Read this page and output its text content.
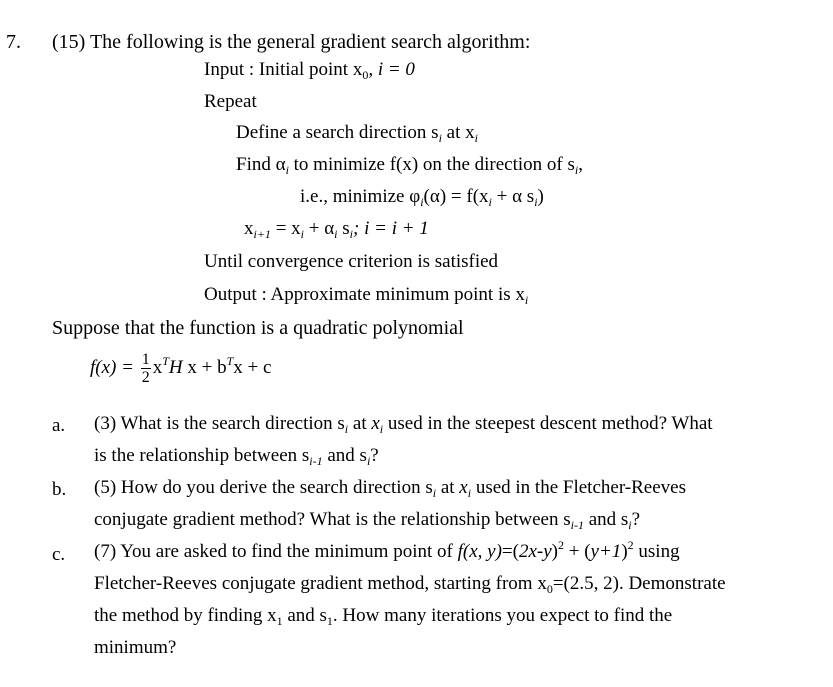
7. (15) The following is the general gradient search algorithm:
Input : Initial point $x_0$, i = 0
Repeat
Define a search direction $s_i$ at $x_i$
Find $\alpha_i$ to minimize f(x) on the direction of $s_i$,
i.e., minimize $\varphi_i(\alpha) = f(x_i + \alpha$ $s_i$)
$x_{i+1} = x_i + \alpha_i$ $s_i$; i = i + 1
Until convergence criterion is satisfied
Output : Approximate minimum point is $x_i$
Suppose that the function is a quadratic polynomial
$f(x) = \frac{1}{2} x^TH$ $x + b^Tx + c$
a. (3) What is the search direction $s_i$ at $x_i$ used in the steepest descent method? What
is the relationship between $s_{i-1}$ and $s_i$?
b. (5) How do you derive the search direction $s_i$ at $x_i$ used in the Fletcher-Reeves
conjugate gradient method? What is the relationship between $s_{i-1}$ and $s_i$?
c. (7) You are asked to find the minimum point of f(x, $y)=(2x-y)^2 + (y+1)^2$ using
Fletcher-Reeves conjugate gradient method, starting from $x_0=(2.5$, 2). Demonstrate
the method by finding $x_1$ and $s_1$. How many iterations you expect to find the
minimum?
